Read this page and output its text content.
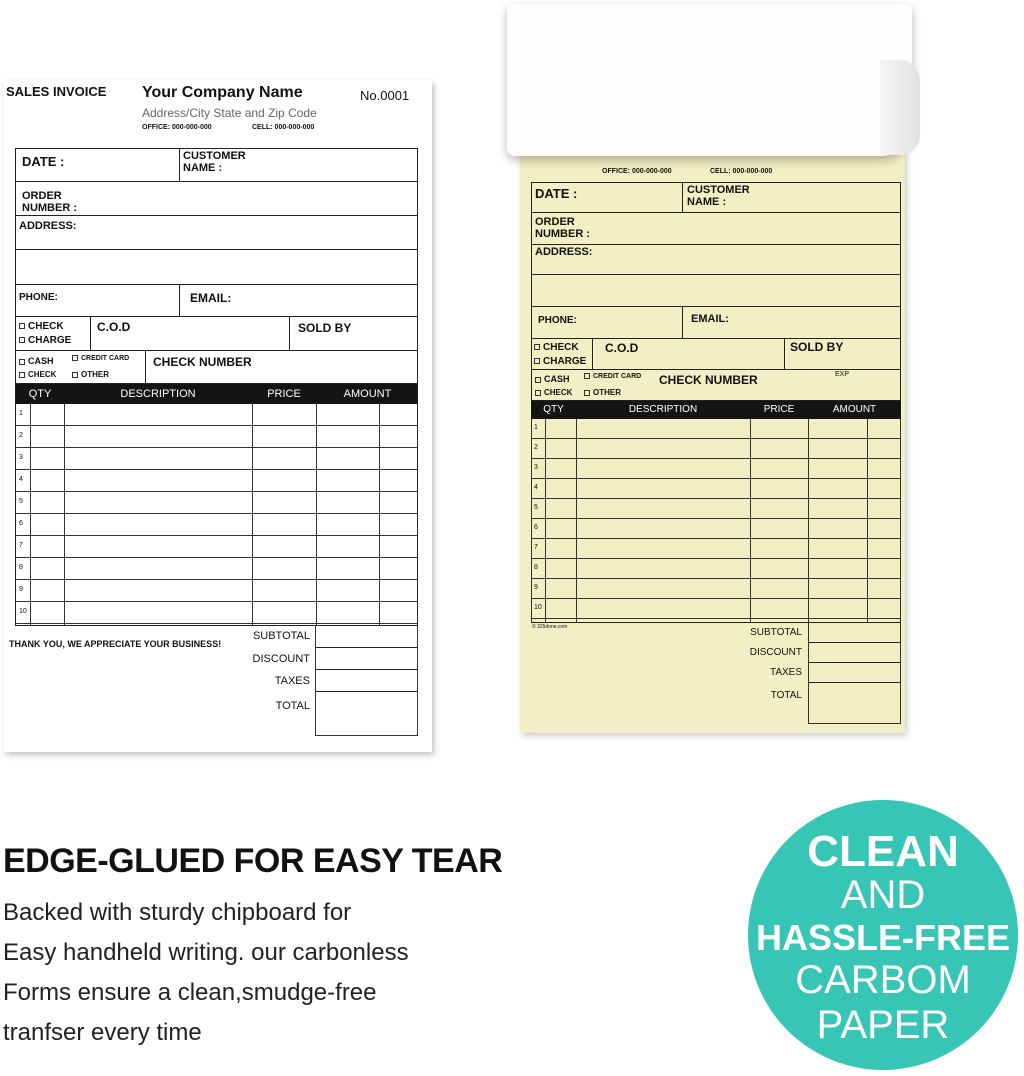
SALES INVOICE Your Company Name	No.0001
Address/City State and Zip Code
OFFICE: 000-000-000	CELL: 000-000-000
DATE :	CUSTOMER NAME :
ORDER NUMBER :
ADDRESS:
PHONE:	EMAIL:
CHECK
CHARGE
C.O.D	SOLD BY
CASH	CREDIT CARD
CHECK	OTHER
CHECK NUMBER
QTY	DESCRIPTION	PRICE	AMOUNT
1
2
3
4
5
6
7
8
9
10
THANK YOU, WE APPRECIATE YOUR BUSINESS!
SUBTOTAL
DISCOUNT
TAXES
TOTAL
OFFICE: 000-000-000	CELL: 000-000-000
DATE :	CUSTOMER NAME :
ORDER NUMBER :
ADDRESS:
PHONE:	EMAIL:
CHECK
CHARGE
C.O.D	SOLD BY
CASH	CREDIT CARD
CHECK	OTHER
CHECK NUMBER	EXP
QTY	DESCRIPTION	PRICE	AMOUNT
1
2
3
4
5
6
7
8
9
10
© 325done.com	SUBTOTAL
DISCOUNT
TAXES
TOTAL
EDGE-GLUED FOR EASY TEAR
Backed with sturdy chipboard for
Easy handheld writing. our carbonless
Forms ensure a clean,smudge-free
tranfser every time
CLEAN
AND
HASSLE-FREE
CARBOM
PAPER
